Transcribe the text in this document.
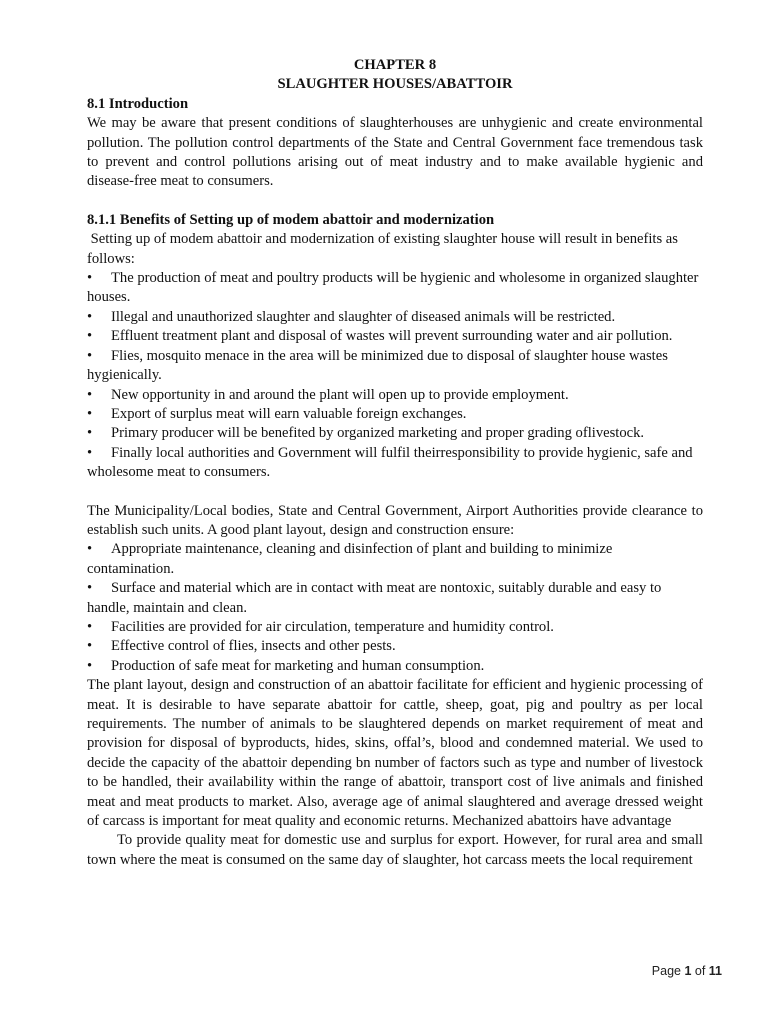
CHAPTER 8
SLAUGHTER HOUSES/ABATTOIR
8.1 Introduction

We may be aware that present conditions of slaughterhouses are unhygienic and create environmental pollution. The pollution control departments of the State and Central Government face tremendous task to prevent and control pollutions arising out of meat industry and to make available hygienic and disease-free meat to consumers.

8.1.1 Benefits of Setting up of modem abattoir and modernization

Setting up of modem abattoir and modernization of existing slaughter house will result in benefits as follows:

• The production of meat and poultry products will be hygienic and wholesome in organized slaughter houses.
• Illegal and unauthorized slaughter and slaughter of diseased animals will be restricted.
• Effluent treatment plant and disposal of wastes will prevent surrounding water and air pollution.
• Flies, mosquito menace in the area will be minimized due to disposal of slaughter house wastes hygienically.
• New opportunity in and around the plant will open up to provide employment.
• Export of surplus meat will earn valuable foreign exchanges.
• Primary producer will be benefited by organized marketing and proper grading oflivestock.
• Finally local authorities and Government will fulfil theirresponsibility to provide hygienic, safe and wholesome meat to consumers.

The Municipality/Local bodies, State and Central Government, Airport Authorities provide clearance to establish such units. A good plant layout, design and construction ensure:

• Appropriate maintenance, cleaning and disinfection of plant and building to minimize contamination.
• Surface and material which are in contact with meat are nontoxic, suitably durable and easy to handle, maintain and clean.
• Facilities are provided for air circulation, temperature and humidity control.
• Effective control of flies, insects and other pests.
• Production of safe meat for marketing and human consumption.

The plant layout, design and construction of an abattoir facilitate for efficient and hygienic processing of meat. It is desirable to have separate abattoir for cattle, sheep, goat, pig and poultry as per local requirements. The number of animals to be slaughtered depends on market requirement of meat and provision for disposal of byproducts, hides, skins, offal’s, blood and condemned material. We used to decide the capacity of the abattoir depending bn number of factors such as type and number of livestock to be handled, their availability within the range of abattoir, transport cost of live animals and finished meat and meat products to market. Also, average age of animal slaughtered and average dressed weight of carcass is important for meat quality and economic returns. Mechanized abattoirs have advantage

To provide quality meat for domestic use and surplus for export. However, for rural area and small town where the meat is consumed on the same day of slaughter, hot carcass meets the local requirement

Page 1 of 11
